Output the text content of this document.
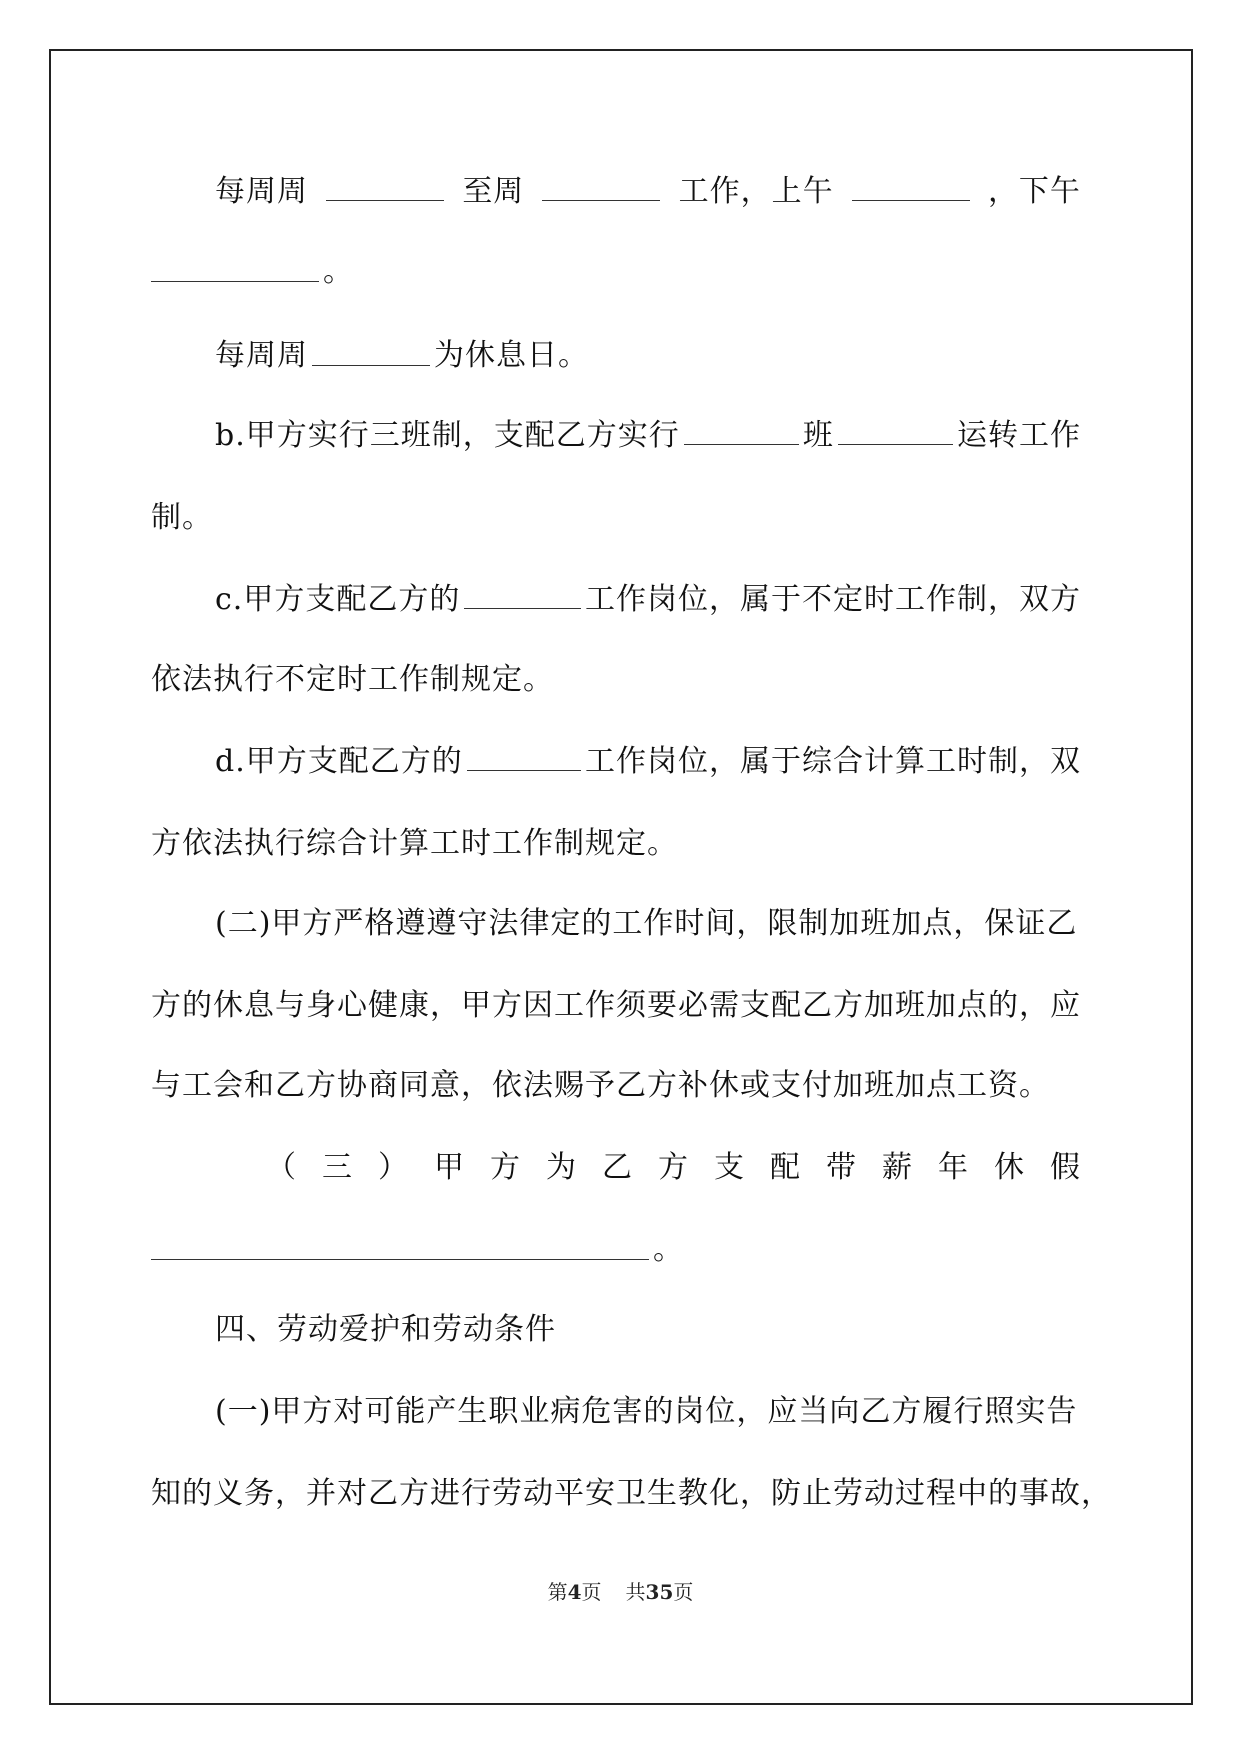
每周周	至周	工作，上午	，下午
。
每周周	为休息日。
b.甲方实行三班制，支配乙方实行	班	运转工作
制。
c.甲方支配乙方的	工作岗位，属于不定时工作制，双方
依法执行不定时工作制规定。
d.甲方支配乙方的	工作岗位，属于综合计算工时制，双
方依法执行综合计算工时工作制规定。
(二)甲方严格遵遵守法律定的工作时间，限制加班加点，保证乙
方的休息与身心健康，甲方因工作须要必需支配乙方加班加点的，应
与工会和乙方协商同意，依法赐予乙方补休或支付加班加点工资。
（ 三 ） 甲 方 为 乙 方 支 配 带 薪 年 休 假
。
四、劳动爱护和劳动条件
(一)甲方对可能产生职业病危害的岗位，应当向乙方履行照实告
知的义务，并对乙方进行劳动平安卫生教化，防止劳动过程中的事故，
第4页 共35页
